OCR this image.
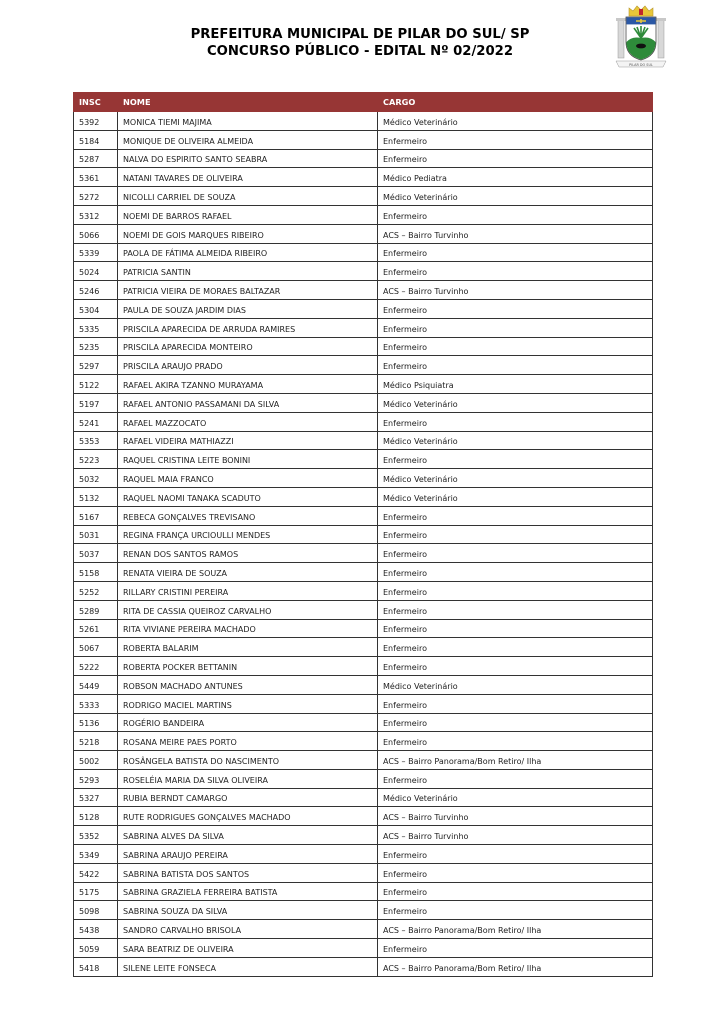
PREFEITURA MUNICIPAL DE PILAR DO SUL/ SP
CONCURSO PÚBLICO - EDITAL Nº 02/2022
PILAR DO SUL
INSC	NOME	CARGO
5392	MONICA TIEMI MAJIMA	Médico Veterinário
5184	MONIQUE DE OLIVEIRA ALMEIDA	Enfermeiro
5287	NALVA DO ESPIRITO SANTO SEABRA	Enfermeiro
5361	NATANI TAVARES DE OLIVEIRA	Médico Pediatra
5272	NICOLLI CARRIEL DE SOUZA	Médico Veterinário
5312	NOEMI DE BARROS RAFAEL	Enfermeiro
5066	NOEMI DE GOIS MARQUES RIBEIRO	ACS – Bairro Turvinho
5339	PAOLA DE FÁTIMA ALMEIDA RIBEIRO	Enfermeiro
5024	PATRICIA SANTIN	Enfermeiro
5246	PATRICIA VIEIRA DE MORAES BALTAZAR	ACS – Bairro Turvinho
5304	PAULA DE SOUZA JARDIM DIAS	Enfermeiro
5335	PRISCILA APARECIDA DE ARRUDA RAMIRES	Enfermeiro
5235	PRISCILA APARECIDA MONTEIRO	Enfermeiro
5297	PRISCILA ARAUJO PRADO	Enfermeiro
5122	RAFAEL AKIRA TZANNO MURAYAMA	Médico Psiquiatra
5197	RAFAEL ANTONIO PASSAMANI DA SILVA	Médico Veterinário
5241	RAFAEL MAZZOCATO	Enfermeiro
5353	RAFAEL VIDEIRA MATHIAZZI	Médico Veterinário
5223	RAQUEL CRISTINA LEITE BONINI	Enfermeiro
5032	RAQUEL MAIA FRANCO	Médico Veterinário
5132	RAQUEL NAOMI TANAKA SCADUTO	Médico Veterinário
5167	REBECA GONÇALVES TREVISANO	Enfermeiro
5031	REGINA FRANÇA URCIOULLI MENDES	Enfermeiro
5037	RENAN DOS SANTOS RAMOS	Enfermeiro
5158	RENATA VIEIRA DE SOUZA	Enfermeiro
5252	RILLARY CRISTINI PEREIRA	Enfermeiro
5289	RITA DE CASSIA QUEIROZ CARVALHO	Enfermeiro
5261	RITA VIVIANE PEREIRA MACHADO	Enfermeiro
5067	ROBERTA BALARIM	Enfermeiro
5222	ROBERTA POCKER BETTANIN	Enfermeiro
5449	ROBSON MACHADO ANTUNES	Médico Veterinário
5333	RODRIGO MACIEL MARTINS	Enfermeiro
5136	ROGÉRIO BANDEIRA	Enfermeiro
5218	ROSANA MEIRE PAES PORTO	Enfermeiro
5002	ROSÂNGELA BATISTA DO NASCIMENTO	ACS – Bairro Panorama/Bom Retiro/ Ilha
5293	ROSELÉIA MARIA DA SILVA OLIVEIRA	Enfermeiro
5327	RUBIA BERNDT CAMARGO	Médico Veterinário
5128	RUTE RODRIGUES GONÇALVES MACHADO	ACS – Bairro Turvinho
5352	SABRINA ALVES DA SILVA	ACS – Bairro Turvinho
5349	SABRINA ARAUJO PEREIRA	Enfermeiro
5422	SABRINA BATISTA DOS SANTOS	Enfermeiro
5175	SABRINA GRAZIELA FERREIRA BATISTA	Enfermeiro
5098	SABRINA SOUZA DA SILVA	Enfermeiro
5438	SANDRO CARVALHO BRISOLA	ACS – Bairro Panorama/Bom Retiro/ Ilha
5059	SARA BEATRIZ DE OLIVEIRA	Enfermeiro
5418	SILENE LEITE FONSECA	ACS – Bairro Panorama/Bom Retiro/ Ilha
